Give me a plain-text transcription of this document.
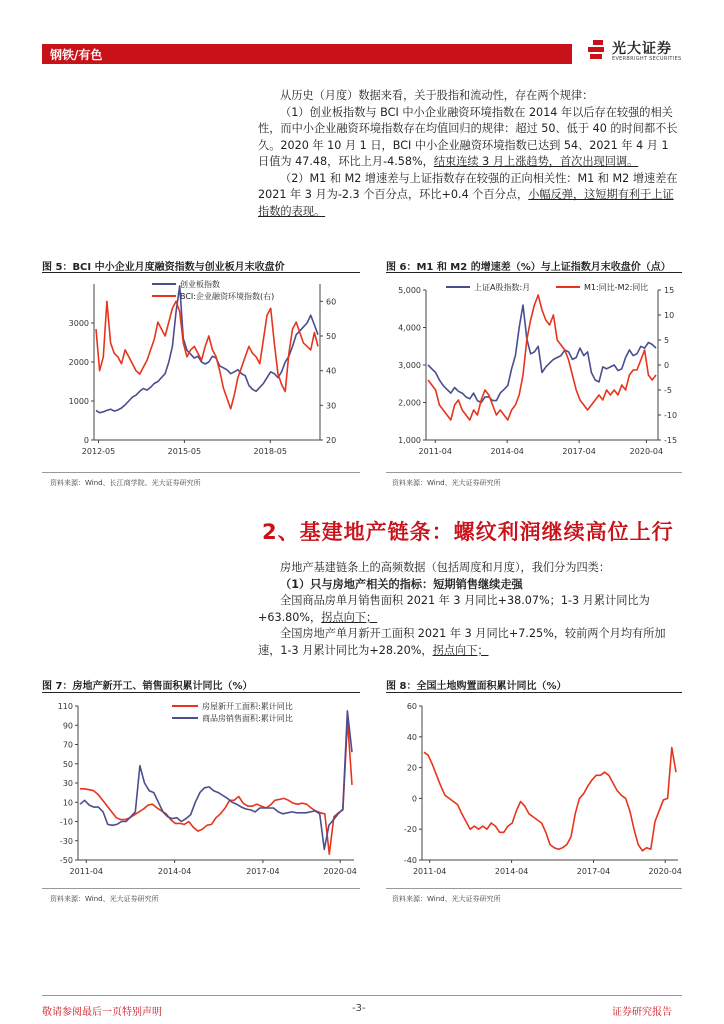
钢铁/有色	光大证券
EVERBRIGHT SECURITIES

从历史（月度）数据来看，关于股指和流动性，存在两个规律：

（1）创业板指数与 BCI 中小企业融资环境指数在 2014 年以后存在较强的相关性，而中小企业融资环境指数存在均值回归的规律：超过 50、低于 40 的时间都不长久。2020 年 10 月 1 日，BCI 中小企业融资环境指数已达到 54、2021 年 4 月 1 日值为 47.48，环比上月-4.58%，结束连续 3 月上涨趋势，首次出现回调。

（2）M1 和 M2 增速差与上证指数存在较强的正向相关性：M1 和 M2 增速差在 2021 年 3 月为-2.3 个百分点，环比+0.4 个百分点，小幅反弹，这短期有利于上证指数的表现。

图 5：BCI 中小企业月度融资指数与创业板月末收盘价
0
1000
2000
3000
20
30
40
50
60
2012-05	2015-05	2018-05
创业板指数
BCI:企业融资环境指数(右)
资料来源：Wind、长江商学院、光大证券研究所
图 6：M1 和 M2 的增速差（%）与上证指数月末收盘价（点）
1,000
2,000
3,000
4,000
5,000
-15
-10
-5
0
5
10
15
2011-04	2014-04	2017-04	2020-04
上证A股指数:月	M1:同比-M2:同比
资料来源：Wind、光大证券研究所
2、基建地产链条：螺纹利润继续高位上行

房地产基建链条上的高频数据（包括周度和月度），我们分为四类：

（1）只与房地产相关的指标：短期销售继续走强

全国商品房单月销售面积 2021 年 3 月同比+38.07%；1-3 月累计同比为+63.80%，拐点向下；

全国房地产单月新开工面积 2021 年 3 月同比+7.25%，较前两个月均有所加速，1-3 月累计同比为+28.20%，拐点向下；

图 7：房地产新开工、销售面积累计同比（%）
-50
-30
-10
10
30
50
70
90
110
2011-04	2014-04	2017-04	2020-04
房屋新开工面积:累计同比
商品房销售面积:累计同比
资料来源：Wind、光大证券研究所
图 8：全国土地购置面积累计同比（%）
-40
-20
0
20
40
60
2011-04	2014-04	2017-04	2020-04
资料来源：Wind、光大证券研究所
敬请参阅最后一页特别声明	-3-	证券研究报告
